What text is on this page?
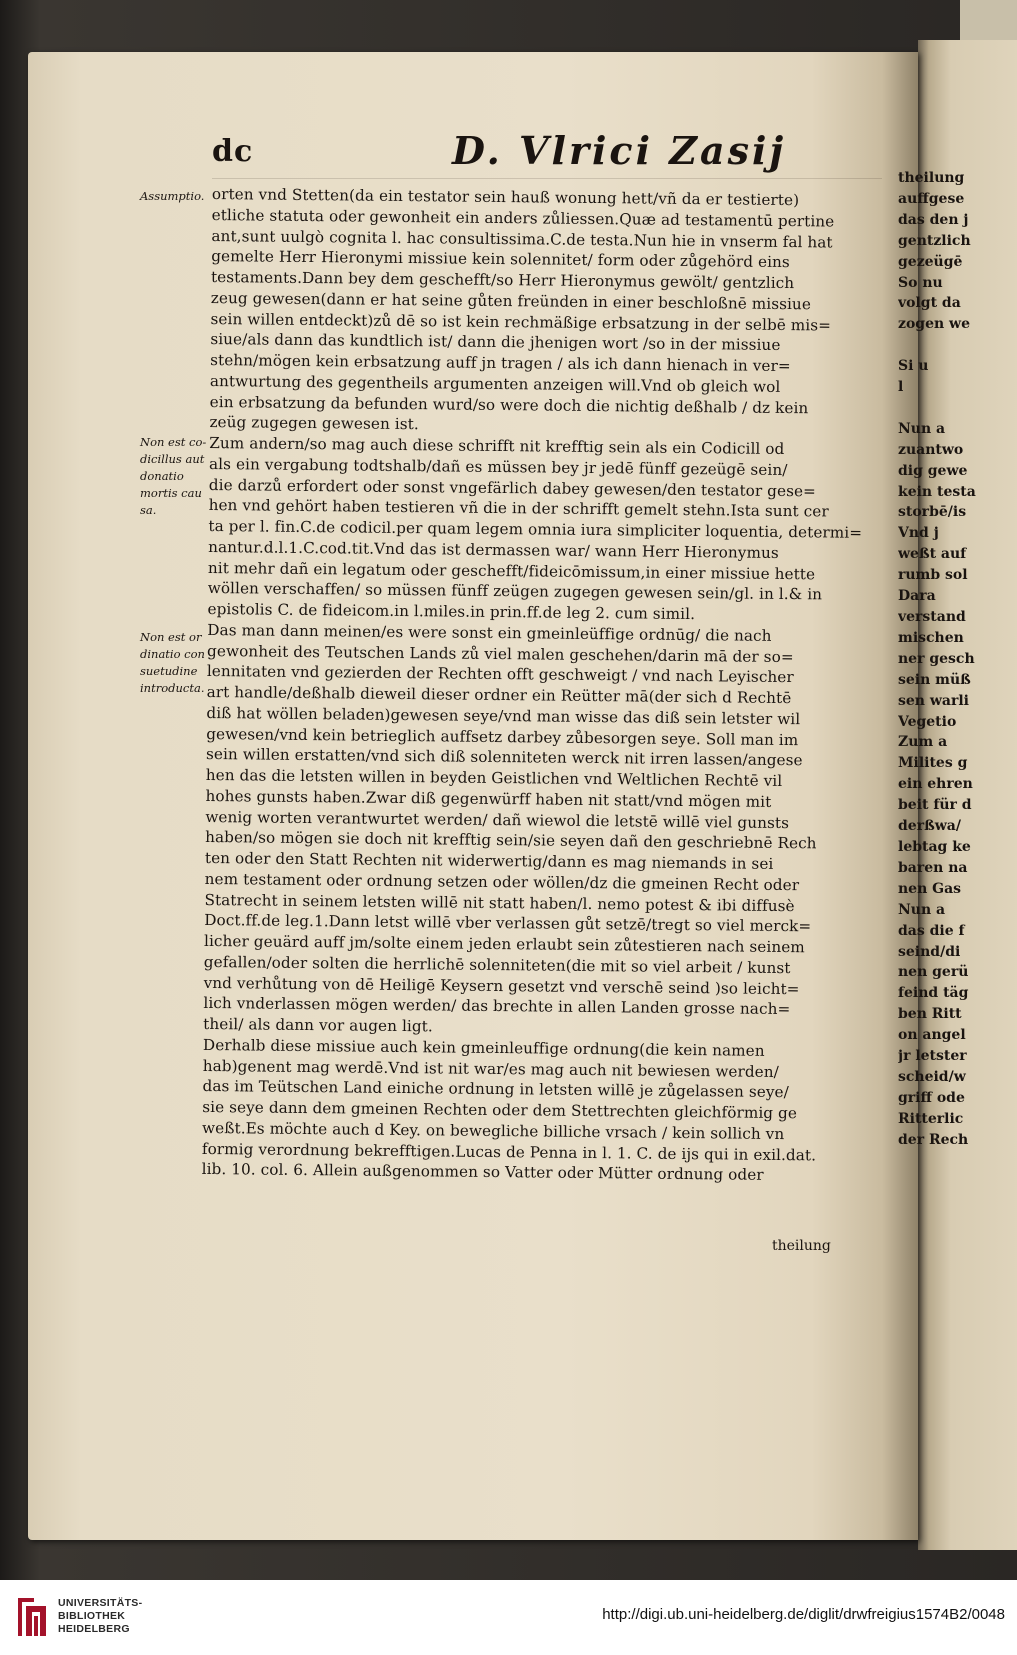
dc	D. Vlrici Zasij
Assumptio.
Non est co-
dicillus aut
donatio
mortis cau
sa.
Non est or
dinatio con
suetudine
introducta.
orten vnd Stetten(da ein testator sein hauß wonung hett/vñ da er testierte)
etliche statuta oder gewonheit ein anders zůliessen.Quæ ad testamentū pertine
ant,sunt uulgò cognita l. hac consultissima.C.de testa.Nun hie in vnserm fal hat
gemelte Herr Hieronymi missiue kein solennitet/ form oder zůgehörd eins
testaments.Dann bey dem geschefft/so Herr Hieronymus gewölt/ gentzlich
zeug gewesen(dann er hat seine gůten freünden in einer beschloßnē missiue
sein willen entdeckt)zů dē so ist kein rechmäßige erbsatzung in der selbē mis=
siue/als dann das kundtlich ist/ dann die jhenigen wort /so in der missiue
stehn/mögen kein erbsatzung auff jn tragen / als ich dann hienach in ver=
antwurtung des gegentheils argumenten anzeigen will.Vnd ob gleich wol
ein erbsatzung da befunden wurd/so were doch die nichtig deßhalb / dz kein
zeüg zugegen gewesen ist.
Zum andern/so mag auch diese schrifft nit krefftig sein als ein Codicill od
als ein vergabung todtshalb/dañ es müssen bey jr jedē fünff gezeügē sein/
die darzů erfordert oder sonst vngefärlich dabey gewesen/den testator gese=
hen vnd gehört haben testieren vñ die in der schrifft gemelt stehn.Ista sunt cer
ta per l. fin.C.de codicil.per quam legem omnia iura simpliciter loquentia, determi=
nantur.d.l.1.C.cod.tit.Vnd das ist dermassen war/ wann Herr Hieronymus
nit mehr dañ ein legatum oder geschefft/fideicōmissum,in einer missiue hette
wöllen verschaffen/ so müssen fünff zeügen zugegen gewesen sein/gl. in l.& in
epistolis C. de fideicom.in l.miles.in prin.ff.de leg 2. cum simil.
Das man dann meinen/es were sonst ein gmeinleüffige ordnūg/ die nach
gewonheit des Teutschen Lands zů viel malen geschehen/darin mā der so=
lennitaten vnd gezierden der Rechten offt geschweigt / vnd nach Leyischer
art handle/deßhalb dieweil dieser ordner ein Reütter mā(der sich d Rechtē
diß hat wöllen beladen)gewesen seye/vnd man wisse das diß sein letster wil
gewesen/vnd kein betrieglich auffsetz darbey zůbesorgen seye. Soll man im
sein willen erstatten/vnd sich diß solenniteten werck nit irren lassen/angese
hen das die letsten willen in beyden Geistlichen vnd Weltlichen Rechtē vil
hohes gunsts haben.Zwar diß gegenwürff haben nit statt/vnd mögen mit
wenig worten verantwurtet werden/ dañ wiewol die letstē willē viel gunsts
haben/so mögen sie doch nit krefftig sein/sie seyen dañ den geschriebnē Rech
ten oder den Statt Rechten nit widerwertig/dann es mag niemands in sei
nem testament oder ordnung setzen oder wöllen/dz die gmeinen Recht oder
Statrecht in seinem letsten willē nit statt haben/l. nemo potest & ibi diffusè
Doct.ff.de leg.1.Dann letst willē vber verlassen gůt setzē/tregt so viel merck=
licher geuärd auff jm/solte einem jeden erlaubt sein zůtestieren nach seinem
gefallen/oder solten die herrlichē solenniteten(die mit so viel arbeit / kunst
vnd verhůtung von dē Heiligē Keysern gesetzt vnd verschē seind )so leicht=
lich vnderlassen mögen werden/ das brechte in allen Landen grosse nach=
theil/ als dann vor augen ligt.
Derhalb diese missiue auch kein gmeinleuffige ordnung(die kein namen
hab)genent mag werdē.Vnd ist nit war/es mag auch nit bewiesen werden/
das im Teütschen Land einiche ordnung in letsten willē je zůgelassen seye/
sie seye dann dem gmeinen Rechten oder dem Stettrechten gleichförmig ge
weßt.Es möchte auch d Key. on bewegliche billiche vrsach / kein sollich vn
formig verordnung bekrefftigen.Lucas de Penna in l. 1. C. de ijs qui in exil.dat.
lib. 10. col. 6. Allein außgenommen so Vatter oder Mütter ordnung oder
theilung
theilung
auffgese
das den j
gentzlich
gezeügē
So nu
volgt da
zogen we
Si u
l
Nun a
zuantwo
dig gewe
kein testa
storbē/is
Vnd j
weßt auf
rumb sol
Dara
verstand
mischen
ner gesch
sein müß
sen warli
Vegetio
Zum a
Milites g
ein ehren
beit für d
derßwa/
lebtag ke
baren na
nen Gas
Nun a
das die f
seind/di
nen gerü
feind täg
ben Ritt
on angel
jr letster
scheid/w
griff ode
Ritterlic
der Rech
UNIVERSITÄTS-
BIBLIOTHEK
HEIDELBERG
http://digi.ub.uni-heidelberg.de/diglit/drwfreigius1574B2/0048
